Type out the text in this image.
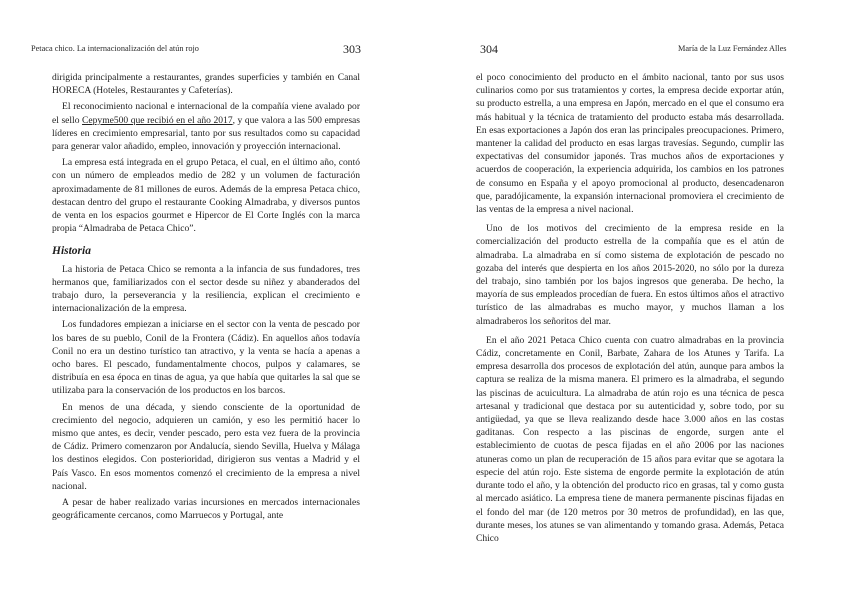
Petaca chico. La internacionalización del atún rojo	303

dirigida principalmente a restaurantes, grandes superficies y también en Canal HORECA (Hoteles, Restaurantes y Cafeterías).

El reconocimiento nacional e internacional de la compañía viene avalado por el sello Cepyme500 que recibió en el año 2017, y que valora a las 500 empresas líderes en crecimiento empresarial, tanto por sus resultados como su capacidad para generar valor añadido, empleo, innovación y proyección internacional.

La empresa está integrada en el grupo Petaca, el cual, en el último año, contó con un número de empleados medio de 282 y un volumen de facturación aproximadamente de 81 millones de euros. Además de la empresa Petaca chico, destacan dentro del grupo el restaurante Cooking Almadraba, y diversos puntos de venta en los espacios gourmet e Hipercor de El Corte Inglés con la marca propia “Almadraba de Petaca Chico”.

Historia

La historia de Petaca Chico se remonta a la infancia de sus fundadores, tres hermanos que, familiarizados con el sector desde su niñez y abanderados del trabajo duro, la perseverancia y la resiliencia, explican el crecimiento e internacionalización de la empresa.

Los fundadores empiezan a iniciarse en el sector con la venta de pescado por los bares de su pueblo, Conil de la Frontera (Cádiz). En aquellos años todavía Conil no era un destino turístico tan atractivo, y la venta se hacía a apenas a ocho bares. El pescado, fundamentalmente chocos, pulpos y calamares, se distribuía en esa época en tinas de agua, ya que había que quitarles la sal que se utilizaba para la conservación de los productos en los barcos.

En menos de una década, y siendo consciente de la oportunidad de crecimiento del negocio, adquieren un camión, y eso les permitió hacer lo mismo que antes, es decir, vender pescado, pero esta vez fuera de la provincia de Cádiz. Primero comenzaron por Andalucía, siendo Sevilla, Huelva y Málaga los destinos elegidos. Con posterioridad, dirigieron sus ventas a Madrid y el País Vasco. En esos momentos comenzó el crecimiento de la empresa a nivel nacional.

A pesar de haber realizado varias incursiones en mercados internacionales geográficamente cercanos, como Marruecos y Portugal, ante

304	María de la Luz Fernández Alles

el poco conocimiento del producto en el ámbito nacional, tanto por sus usos culinarios como por sus tratamientos y cortes, la empresa decide exportar atún, su producto estrella, a una empresa en Japón, mercado en el que el consumo era más habitual y la técnica de tratamiento del producto estaba más desarrollada. En esas exportaciones a Japón dos eran las principales preocupaciones. Primero, mantener la calidad del producto en esas largas travesías. Segundo, cumplir las expectativas del consumidor japonés. Tras muchos años de exportaciones y acuerdos de cooperación, la experiencia adquirida, los cambios en los patrones de consumo en España y el apoyo promocional al producto, desencadenaron que, paradójicamente, la expansión internacional promoviera el crecimiento de las ventas de la empresa a nivel nacional.

Uno de los motivos del crecimiento de la empresa reside en la comercialización del producto estrella de la compañía que es el atún de almadraba. La almadraba en sí como sistema de explotación de pescado no gozaba del interés que despierta en los años 2015-2020, no sólo por la dureza del trabajo, sino también por los bajos ingresos que generaba. De hecho, la mayoría de sus empleados procedían de fuera. En estos últimos años el atractivo turístico de las almadrabas es mucho mayor, y muchos llaman a los almadraberos los señoritos del mar.

En el año 2021 Petaca Chico cuenta con cuatro almadrabas en la provincia Cádiz, concretamente en Conil, Barbate, Zahara de los Atunes y Tarifa. La empresa desarrolla dos procesos de explotación del atún, aunque para ambos la captura se realiza de la misma manera. El primero es la almadraba, el segundo las piscinas de acuicultura. La almadraba de atún rojo es una técnica de pesca artesanal y tradicional que destaca por su autenticidad y, sobre todo, por su antigüedad, ya que se lleva realizando desde hace 3.000 años en las costas gaditanas. Con respecto a las piscinas de engorde, surgen ante el establecimiento de cuotas de pesca fijadas en el año 2006 por las naciones atuneras como un plan de recuperación de 15 años para evitar que se agotara la especie del atún rojo. Este sistema de engorde permite la explotación de atún durante todo el año, y la obtención del producto rico en grasas, tal y como gusta al mercado asiático. La empresa tiene de manera permanente piscinas fijadas en el fondo del mar (de 120 metros por 30 metros de profundidad), en las que, durante meses, los atunes se van alimentando y tomando grasa. Además, Petaca Chico
